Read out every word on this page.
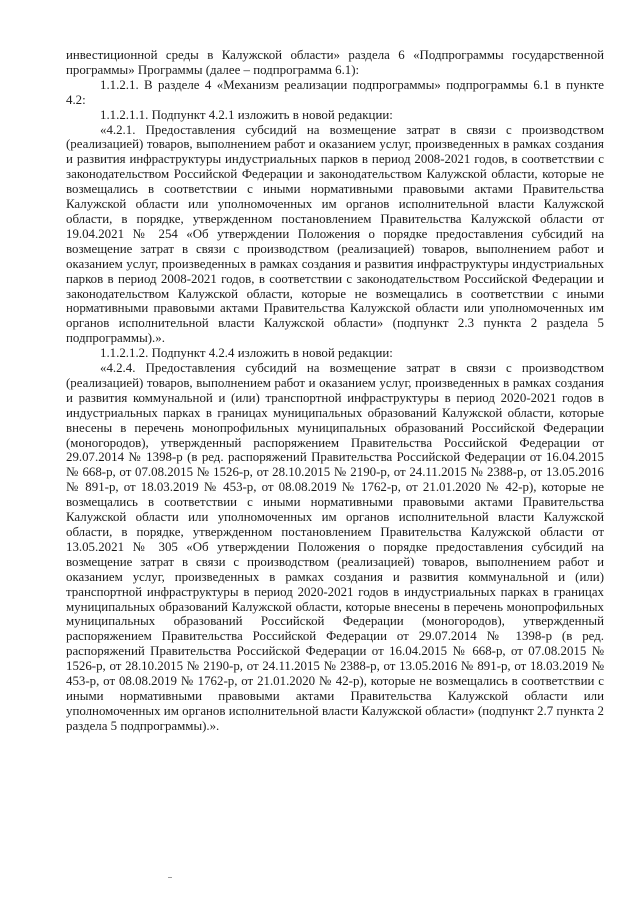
инвестиционной среды в Калужской области» раздела 6 «Подпрограммы государственной программы» Программы (далее – подпрограмма 6.1):

1.1.2.1. В разделе 4 «Механизм реализации подпрограммы» подпрограммы 6.1 в пункте 4.2:

1.1.2.1.1. Подпункт 4.2.1 изложить в новой редакции:

«4.2.1. Предоставления субсидий на возмещение затрат в связи с производством (реализацией) товаров, выполнением работ и оказанием услуг, произведенных в рамках создания и развития инфраструктуры индустриальных парков в период 2008-2021 годов, в соответствии с законодательством Российской Федерации и законодательством Калужской области, которые не возмещались в соответствии с иными нормативными правовыми актами Правительства Калужской области или уполномоченных им органов исполнительной власти Калужской области, в порядке, утвержденном постановлением Правительства Калужской области от 19.04.2021 № 254 «Об утверждении Положения о порядке предоставления субсидий на возмещение затрат в связи с производством (реализацией) товаров, выполнением работ и оказанием услуг, произведенных в рамках создания и развития инфраструктуры индустриальных парков в период 2008-2021 годов, в соответствии с законодательством Российской Федерации и законодательством Калужской области, которые не возмещались в соответствии с иными нормативными правовыми актами Правительства Калужской области или уполномоченных им органов исполнительной власти Калужской области» (подпункт 2.3 пункта 2 раздела 5 подпрограммы).».

1.1.2.1.2. Подпункт 4.2.4 изложить в новой редакции:

«4.2.4. Предоставления субсидий на возмещение затрат в связи с производством (реализацией) товаров, выполнением работ и оказанием услуг, произведенных в рамках создания и развития коммунальной и (или) транспортной инфраструктуры в период 2020-2021 годов в индустриальных парках в границах муниципальных образований Калужской области, которые внесены в перечень монопрофильных муниципальных образований Российской Федерации (моногородов), утвержденный распоряжением Правительства Российской Федерации от 29.07.2014 № 1398-р (в ред. распоряжений Правительства Российской Федерации от 16.04.2015 № 668-р, от 07.08.2015 № 1526-р, от 28.10.2015 № 2190-р, от 24.11.2015 № 2388-р, от 13.05.2016 № 891-р, от 18.03.2019 № 453-р, от 08.08.2019 № 1762-р, от 21.01.2020 № 42-р), которые не возмещались в соответствии с иными нормативными правовыми актами Правительства Калужской области или уполномоченных им органов исполнительной власти Калужской области, в порядке, утвержденном постановлением Правительства Калужской области от 13.05.2021 № 305 «Об утверждении Положения о порядке предоставления субсидий на возмещение затрат в связи с производством (реализацией) товаров, выполнением работ и оказанием услуг, произведенных в рамках создания и развития коммунальной и (или) транспортной инфраструктуры в период 2020-2021 годов в индустриальных парках в границах муниципальных образований Калужской области, которые внесены в перечень монопрофильных муниципальных образований Российской Федерации (моногородов), утвержденный распоряжением Правительства Российской Федерации от 29.07.2014 № 1398-р (в ред. распоряжений Правительства Российской Федерации от 16.04.2015 № 668-р, от 07.08.2015 № 1526-р, от 28.10.2015 № 2190-р, от 24.11.2015 № 2388-р, от 13.05.2016 № 891-р, от 18.03.2019 № 453-р, от 08.08.2019 № 1762-р, от 21.01.2020 № 42-р), которые не возмещались в соответствии с иными нормативными правовыми актами Правительства Калужской области или уполномоченных им органов исполнительной власти Калужской области» (подпункт 2.7 пункта 2 раздела 5 подпрограммы).».
